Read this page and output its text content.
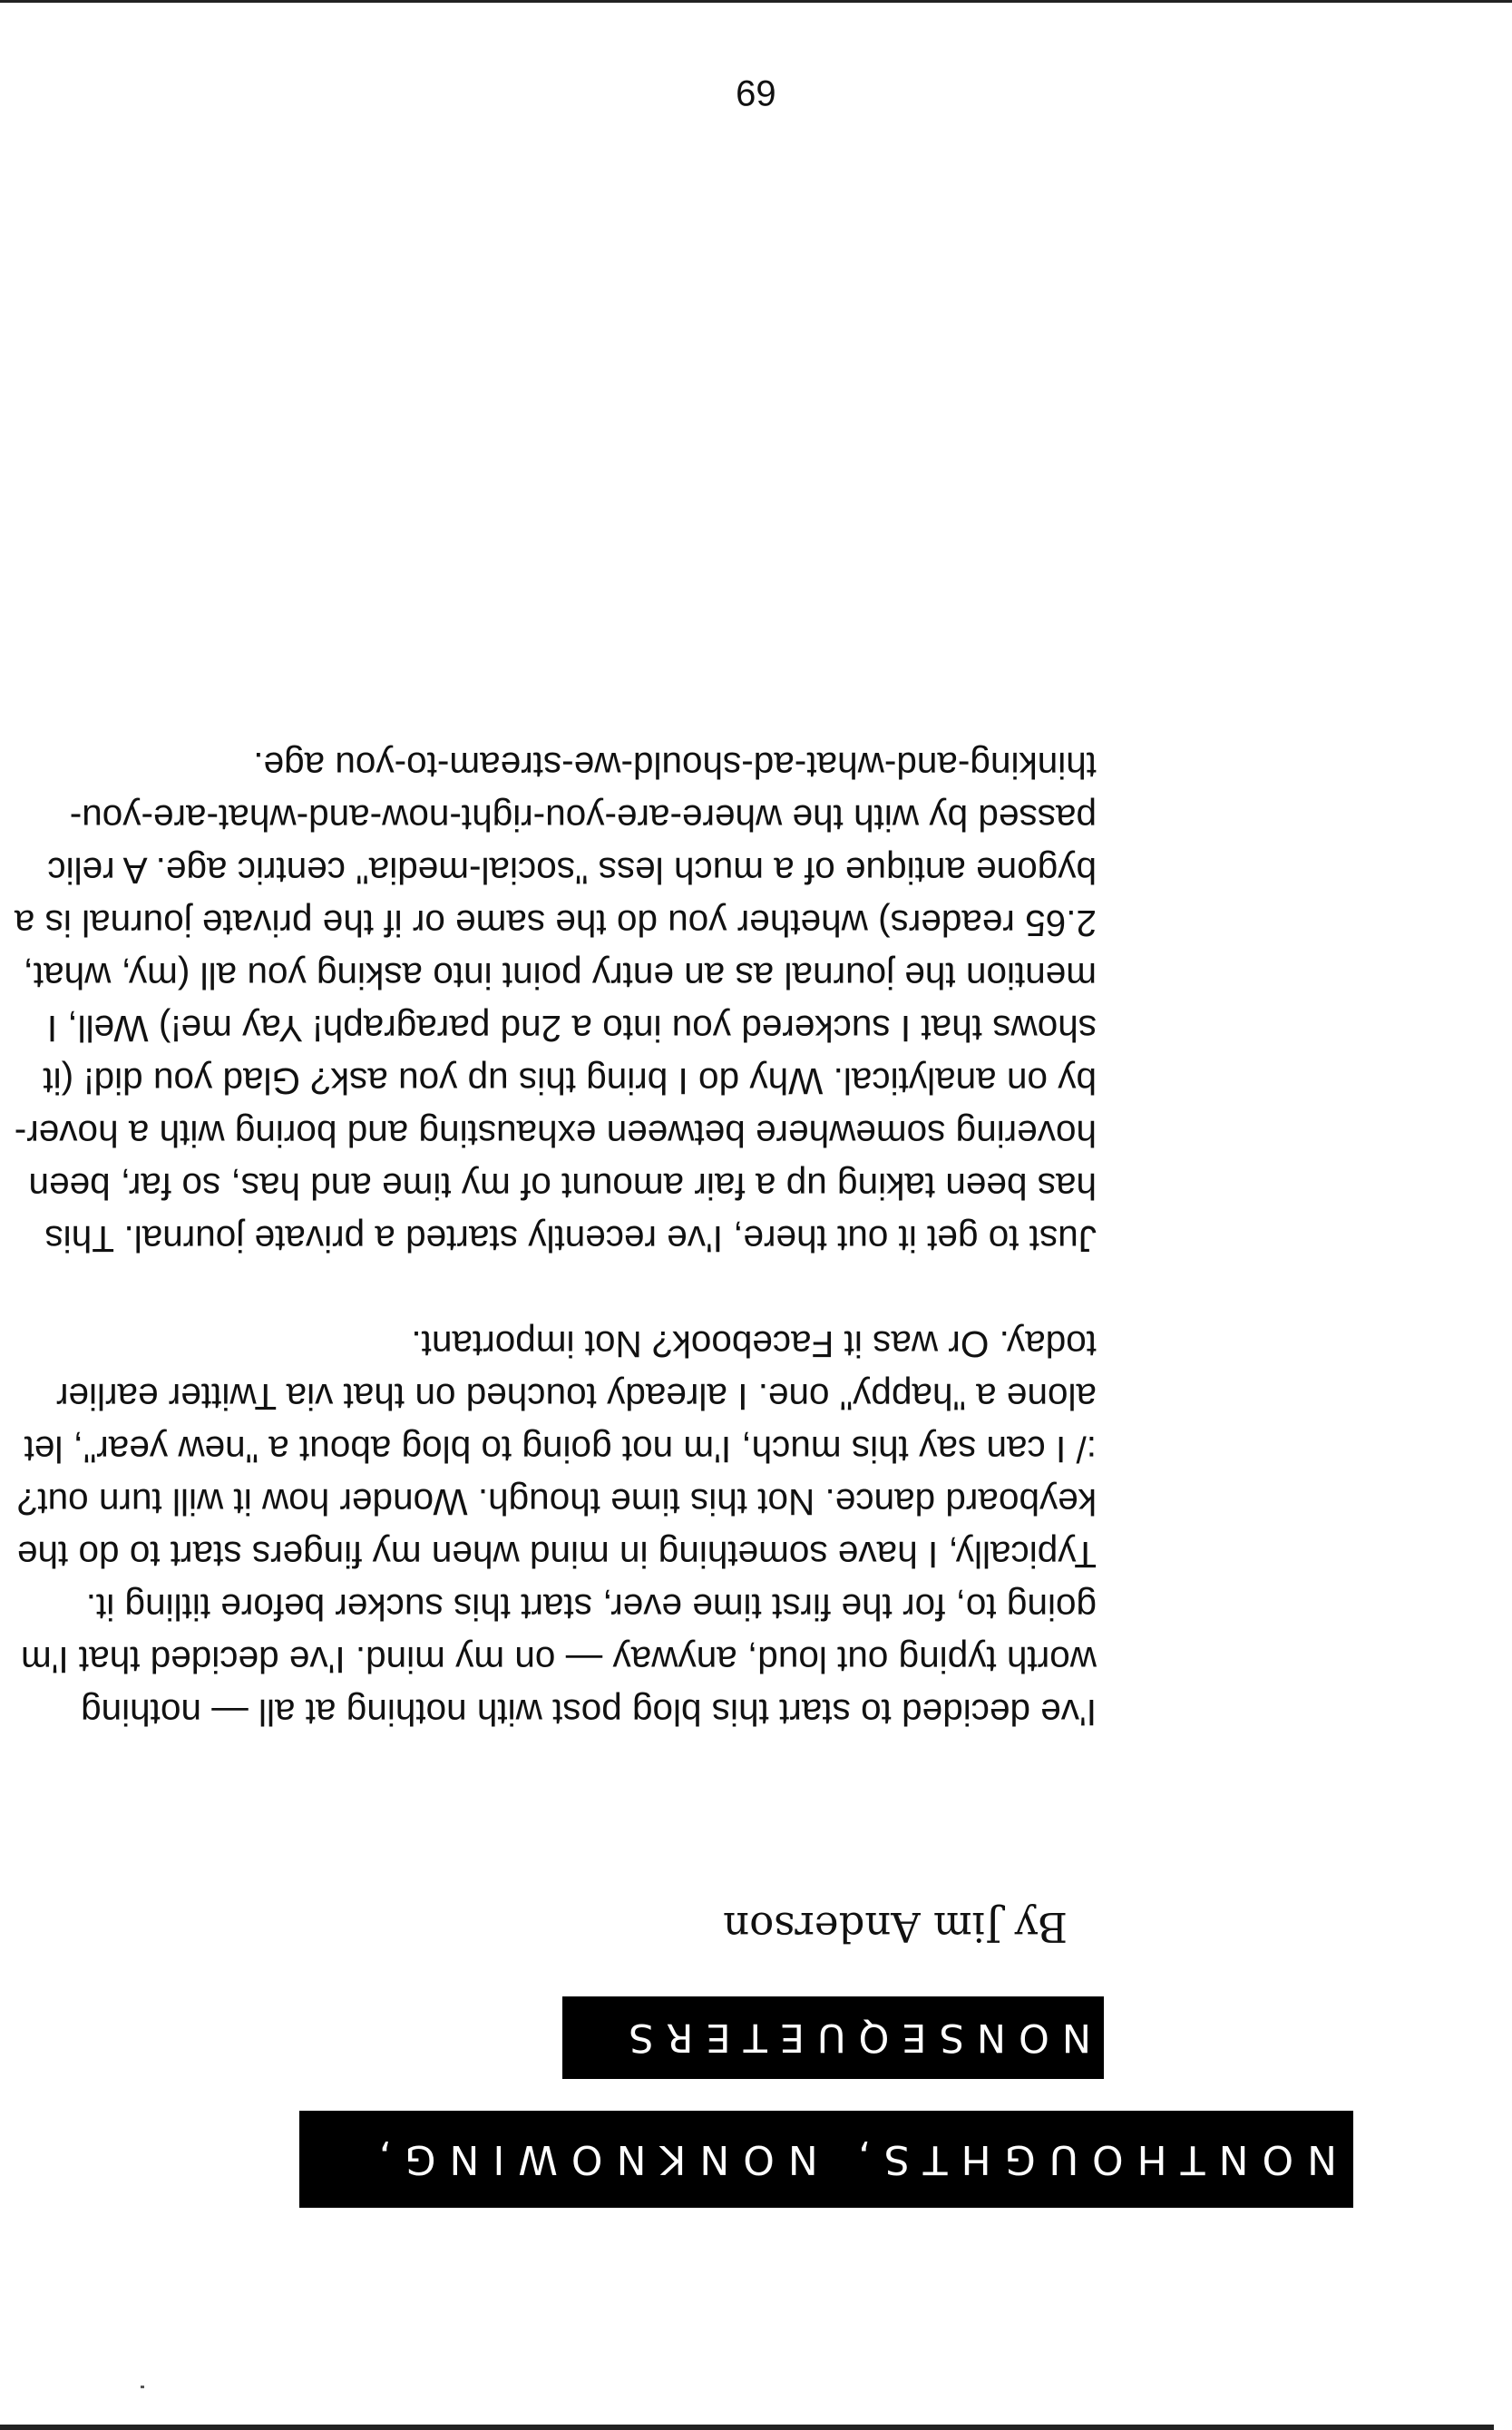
NONTHOUGHTS, NONKNOWING,
NONSEQUETERS
By Jim Anderson

I've decided to start this blog post with nothing at all — nothing worth typing out loud, anyway — on my mind. I've decided that I'm going to, for the first time ever, start this sucker before titling it. Typically, I have something in mind when my fingers start to do the keyboard dance. Not this time though. Wonder how it will turn out? :/ I can say this much, I'm not going to blog about a "new year", let alone a "happy" one. I already touched on that via Twitter earlier today. Or was it Facebook? Not important.

Just to get it out there, I've recently started a private journal. This has been taking up a fair amount of my time and has, so far, been hovering somewhere between exhausting and boring with a hover-by on analytical. Why do I bring this up you ask? Glad you did! (it shows that I suckered you into a 2nd paragraph! Yay me!) Well, I mention the journal as an entry point into asking you all (my, what, 2.65 readers) whether you do the same or if the private journal is a bygone antique of a much less "social-media" centric age. A relic passed by with the where-are-you-right-now-and-what-are-you-thinking-and-what-ad-should-we-stream-to-you age.

69
